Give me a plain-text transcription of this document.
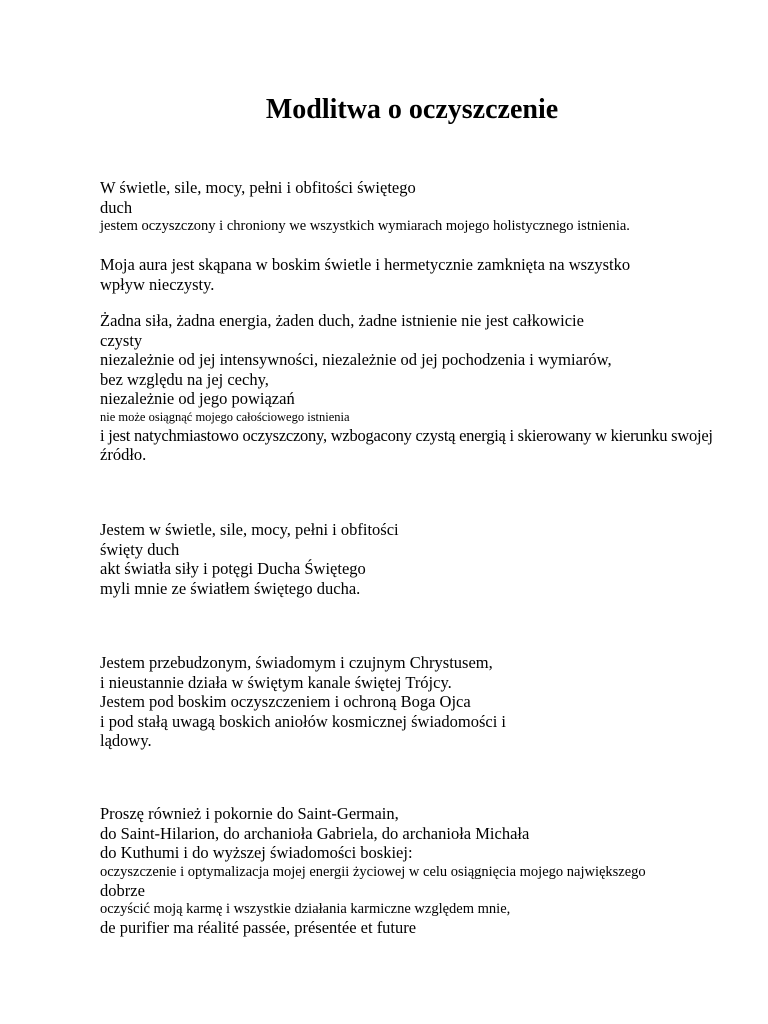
Modlitwa o oczyszczenie

W świetle, sile, mocy, pełni i obfitości świętego
duch
jestem oczyszczony i chroniony we wszystkich wymiarach mojego holistycznego istnienia.

Moja aura jest skąpana w boskim świetle i hermetycznie zamknięta na wszystko
wpływ nieczysty.

Żadna siła, żadna energia, żaden duch, żadne istnienie nie jest całkowicie
czysty
niezależnie od jej intensywności, niezależnie od jej pochodzenia i wymiarów,
bez względu na jej cechy,
niezależnie od jego powiązań
nie może osiągnąć mojego całościowego istnienia
i jest natychmiastowo oczyszczony, wzbogacony czystą energią i skierowany w kierunku swojej
źródło.

Jestem w świetle, sile, mocy, pełni i obfitości
święty duch
akt światła siły i potęgi Ducha Świętego
myli mnie ze światłem świętego ducha.

Jestem przebudzonym, świadomym i czujnym Chrystusem,
i nieustannie działa w świętym kanale świętej Trójcy.
Jestem pod boskim oczyszczeniem i ochroną Boga Ojca
i pod stałą uwagą boskich aniołów kosmicznej świadomości i
lądowy.

Proszę również i pokornie do Saint-Germain,
do Saint-Hilarion, do archanioła Gabriela, do archanioła Michała
do Kuthumi i do wyższej świadomości boskiej:
oczyszczenie i optymalizacja mojej energii życiowej w celu osiągnięcia mojego największego
dobrze
oczyścić moją karmę i wszystkie działania karmiczne względem mnie,
de purifier ma réalité passée, présentée et future
